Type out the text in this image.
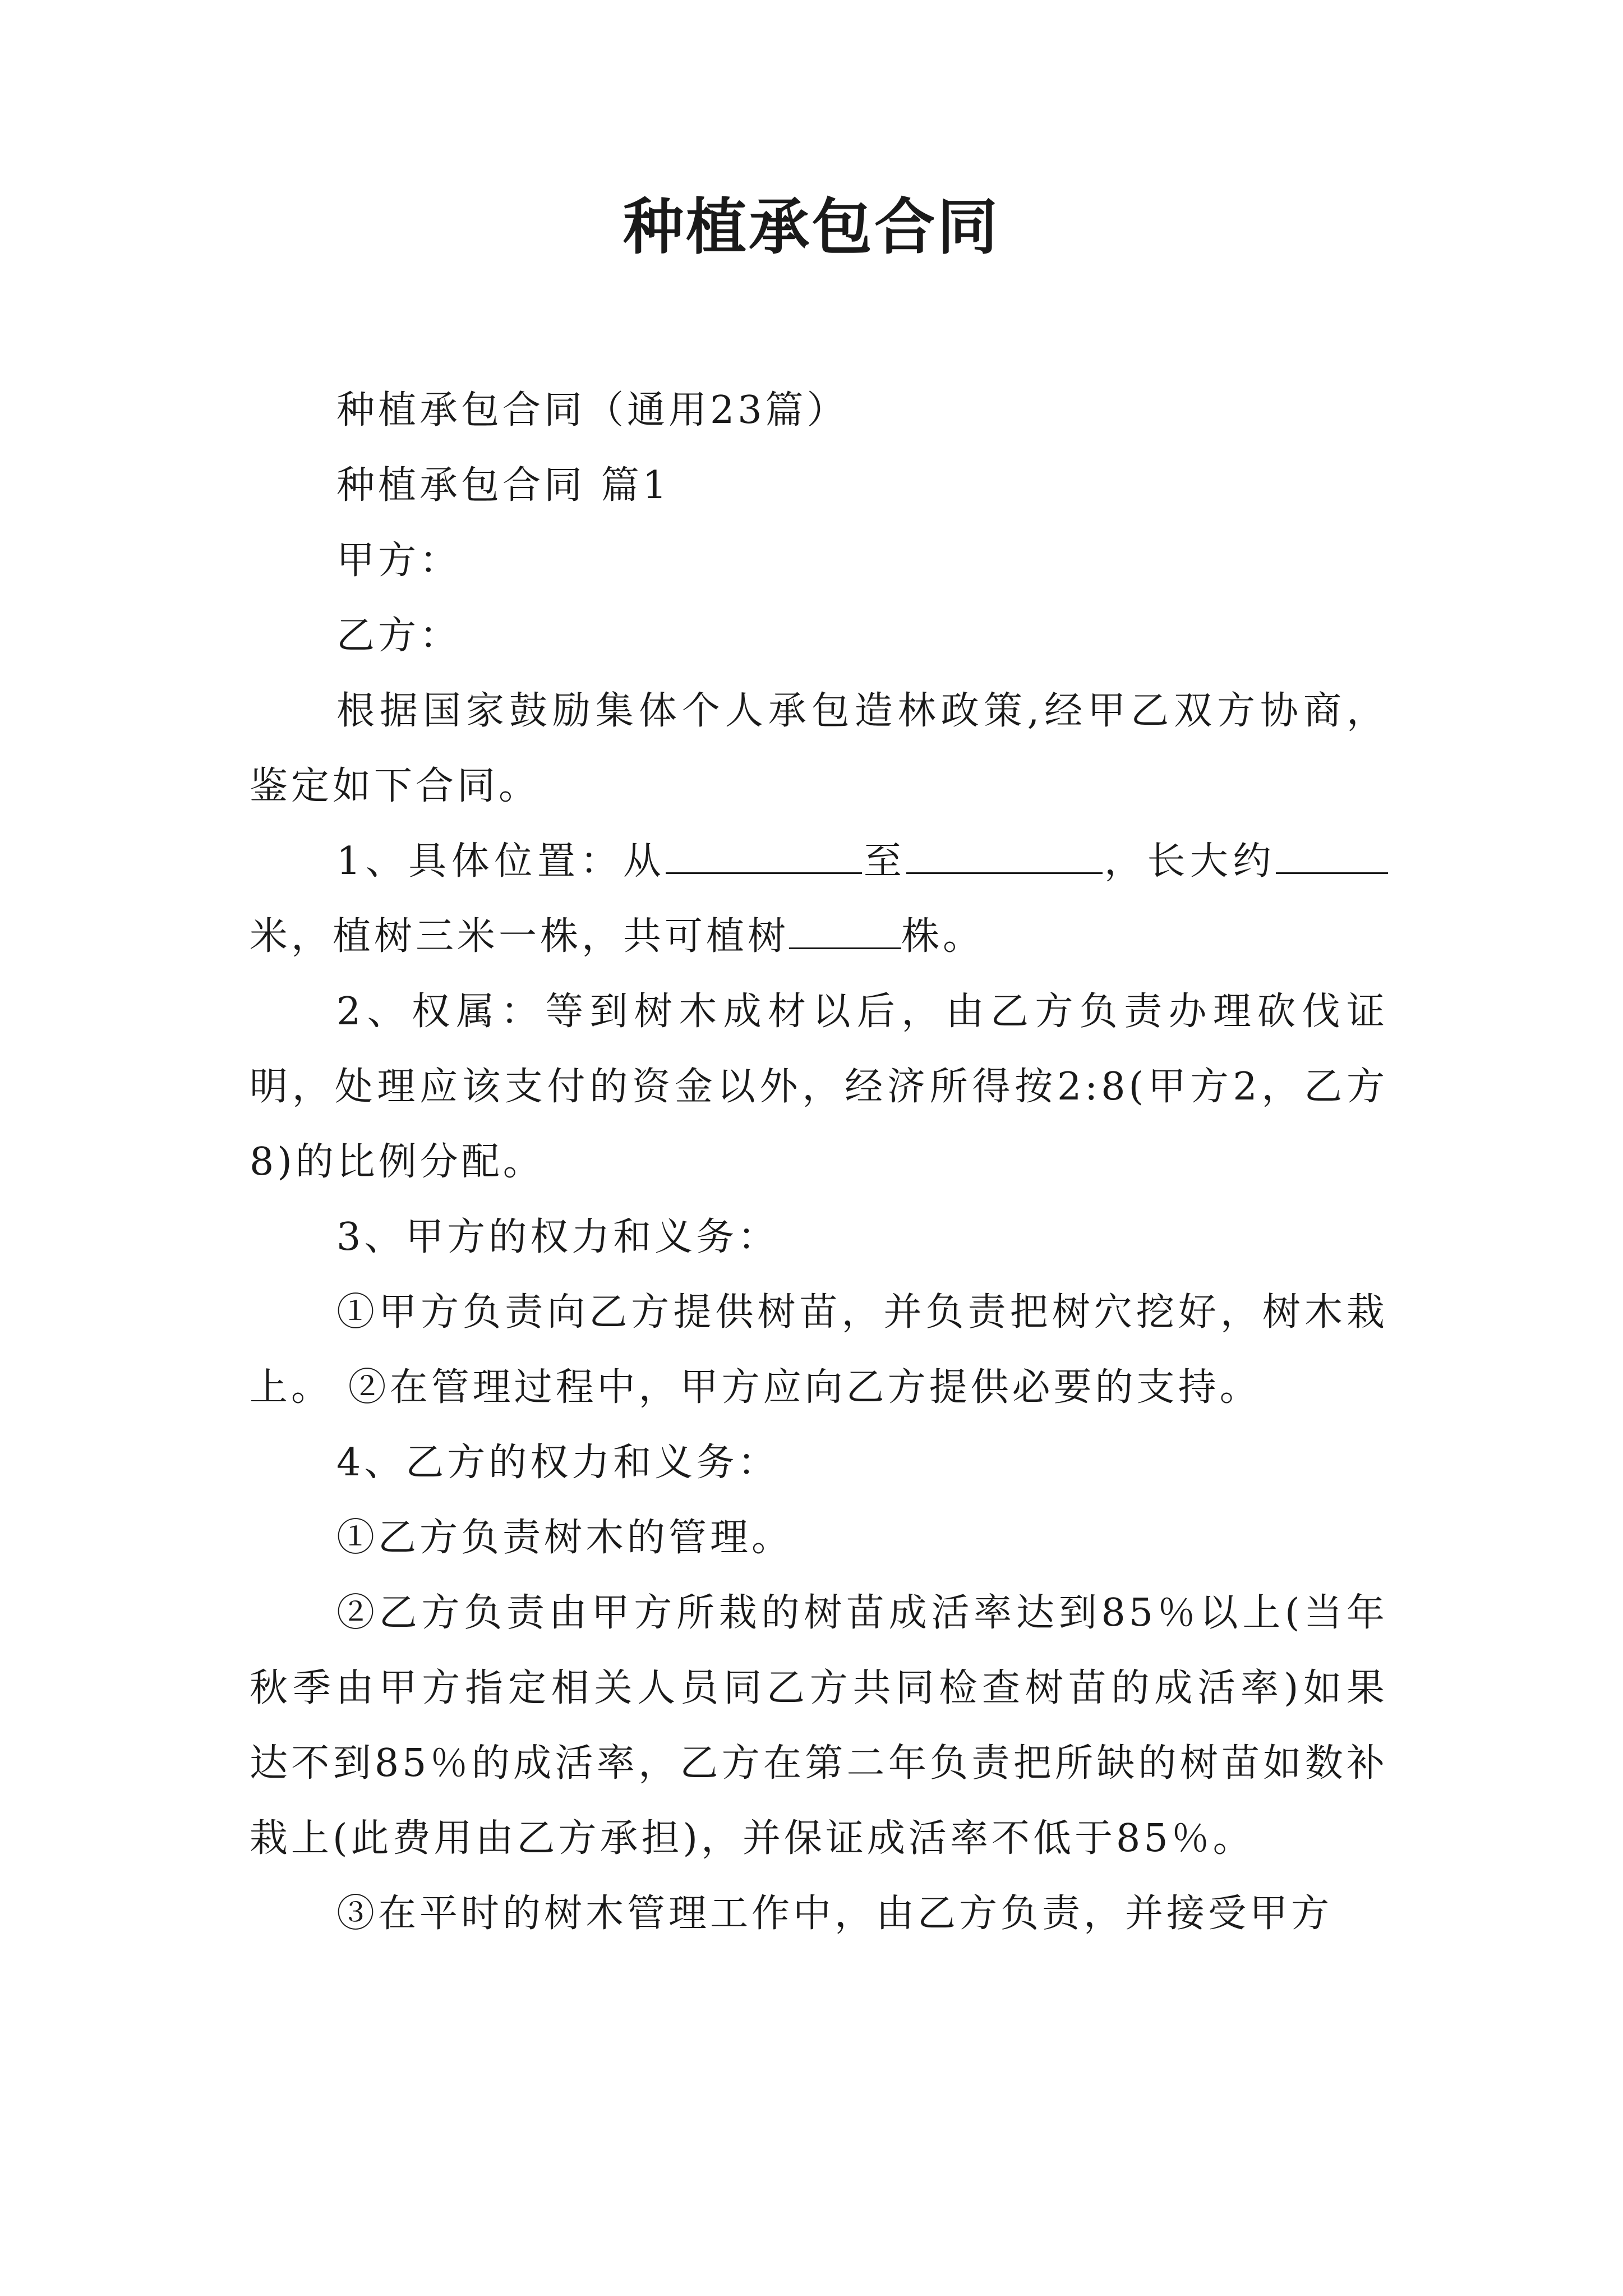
种植承包合同

种植承包合同（通用23篇）

种植承包合同 篇1

甲方：

乙方：

根据国家鼓励集体个人承包造林政策,经甲乙双方协商，鉴定如下合同。

1、具体位置：从	至	，长大约米，植树三米一株，共可植树	株。

2、权属：等到树木成材以后，由乙方负责办理砍伐证明，处理应该支付的资金以外，经济所得按2:8(甲方2，乙方8)的比例分配。

3、甲方的权力和义务：

①甲方负责向乙方提供树苗，并负责把树穴挖好，树木栽上。 ②在管理过程中，甲方应向乙方提供必要的支持。

4、乙方的权力和义务：

①乙方负责树木的管理。

②乙方负责由甲方所栽的树苗成活率达到85％以上(当年秋季由甲方指定相关人员同乙方共同检查树苗的成活率)如果达不到85％的成活率，乙方在第二年负责把所缺的树苗如数补栽上(此费用由乙方承担)，并保证成活率不低于85％。

③在平时的树木管理工作中，由乙方负责，并接受甲方
